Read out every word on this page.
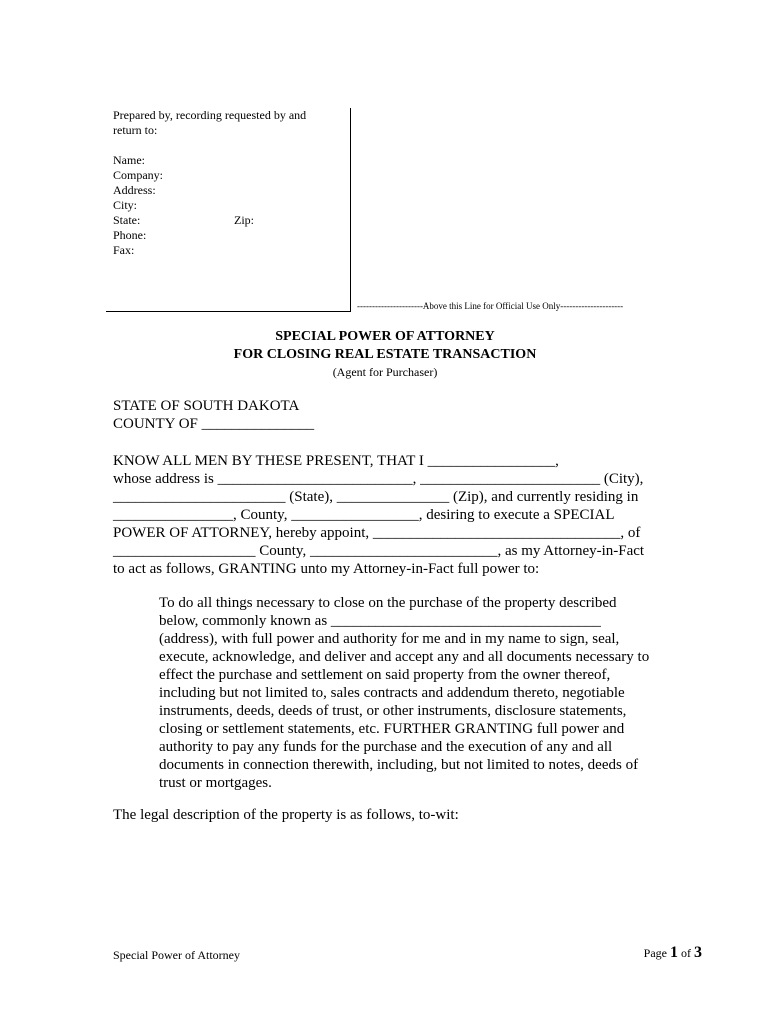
Prepared by, recording requested by and
return to:
Name:
Company:
Address:
City:
State:	Zip:
Phone:
Fax:
----------------------Above this Line for Official Use Only---------------------
SPECIAL POWER OF ATTORNEY
FOR CLOSING REAL ESTATE TRANSACTION
(Agent for Purchaser)
STATE OF SOUTH DAKOTA
COUNTY OF _______________
KNOW ALL MEN BY THESE PRESENT, THAT I _________________,
whose address is __________________________, ________________________ (City),
_______________________ (State), _______________ (Zip), and currently residing in
________________, County, _________________, desiring to execute a SPECIAL
POWER OF ATTORNEY, hereby appoint, _________________________________, of
___________________ County, _________________________, as my Attorney-in-Fact
to act as follows, GRANTING unto my Attorney-in-Fact full power to:
To do all things necessary to close on the purchase of the property described
below, commonly known as ____________________________________
(address), with full power and authority for me and in my name to sign, seal,
execute, acknowledge, and deliver and accept any and all documents necessary to
effect the purchase and settlement on said property from the owner thereof,
including but not limited to, sales contracts and addendum thereto, negotiable
instruments, deeds, deeds of trust, or other instruments, disclosure statements,
closing or settlement statements, etc. FURTHER GRANTING full power and
authority to pay any funds for the purchase and the execution of any and all
documents in connection therewith, including, but not limited to notes, deeds of
trust or mortgages.
The legal description of the property is as follows, to-wit:
Special Power of Attorney	Page 1 of 3
